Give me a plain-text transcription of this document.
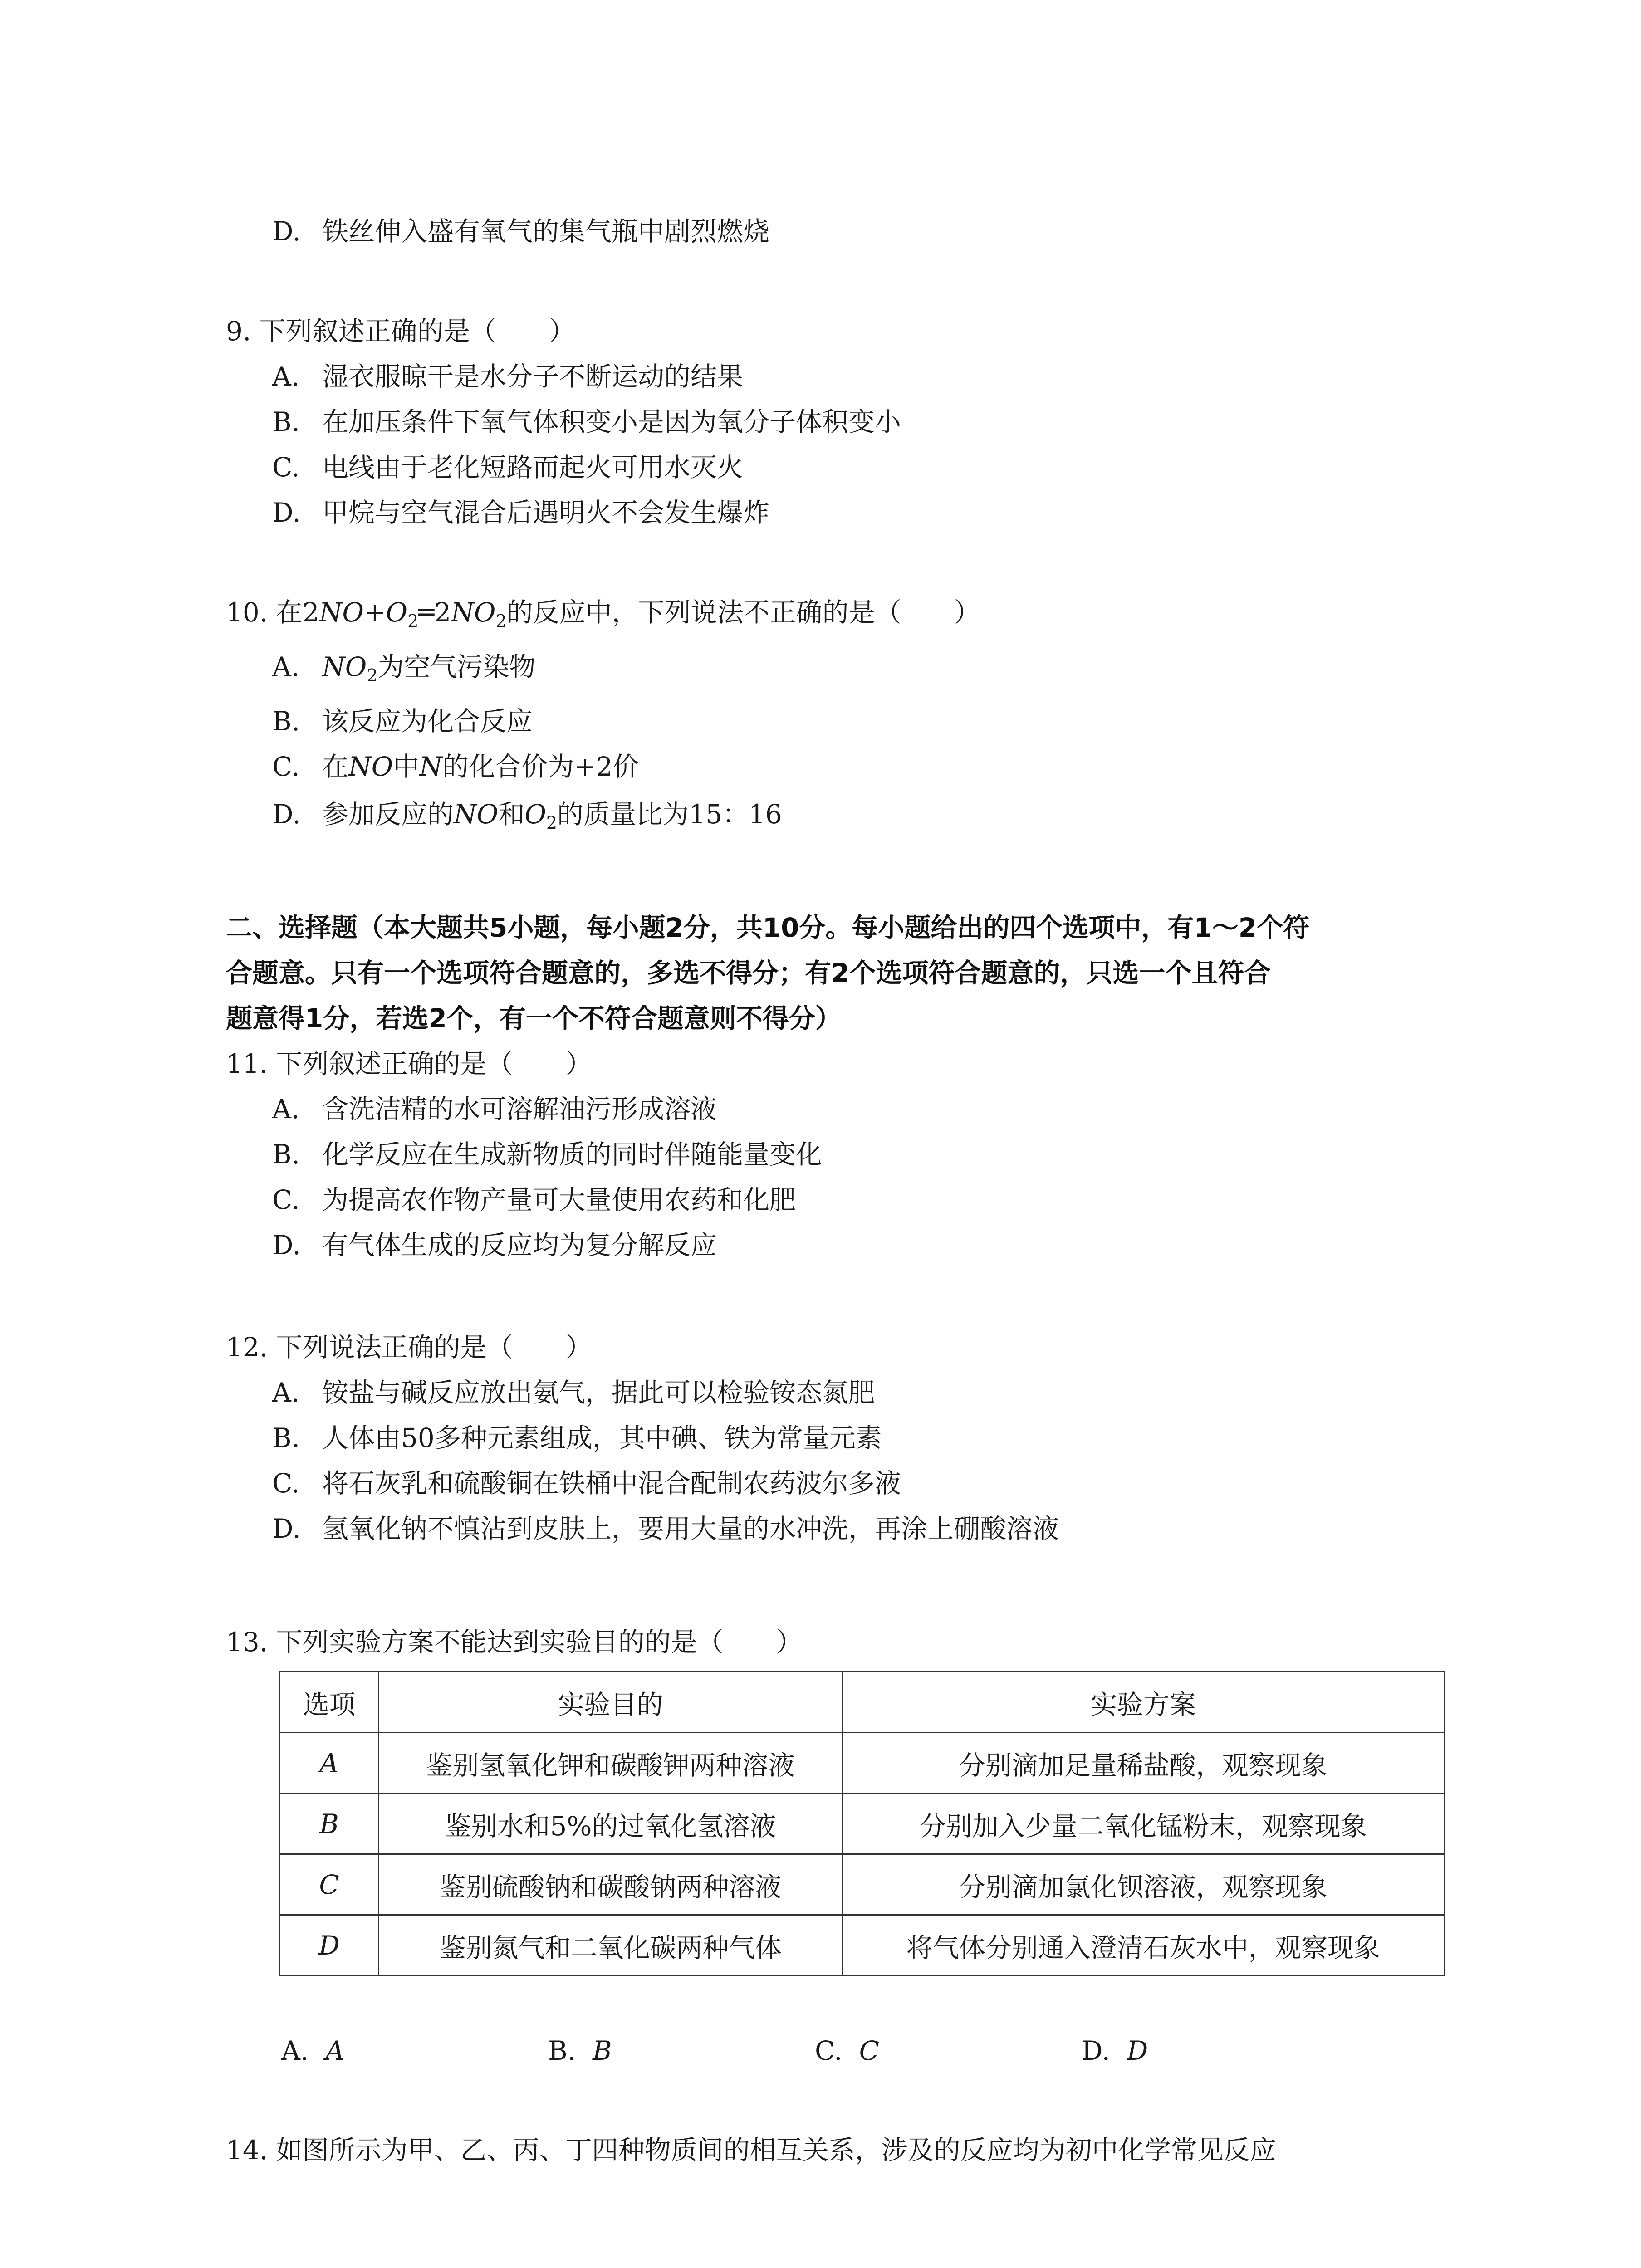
D. 铁丝伸入盛有氧气的集气瓶中剧烈燃烧
9. 下列叙述正确的是（　　）
A. 湿衣服晾干是水分子不断运动的结果
B. 在加压条件下氧气体积变小是因为氧分子体积变小
C. 电线由于老化短路而起火可用水灭火
D. 甲烷与空气混合后遇明火不会发生爆炸
10. 在$2NO+O_2═2NO_2$的反应中，下列说法不正确的是（　　）
A. $NO_2$为空气污染物
B. 该反应为化合反应
C. 在NO中N的化合价为+2价
D. 参加反应的NO和$O_2$的质量比为15：16
二、选择题（本大题共5小题，每小题2分，共10分。每小题给出的四个选项中，有1～2个符
合题意。只有一个选项符合题意的，多选不得分；有2个选项符合题意的，只选一个且符合
题意得1分，若选2个，有一个不符合题意则不得分）
11. 下列叙述正确的是（　　）
A. 含洗洁精的水可溶解油污形成溶液
B. 化学反应在生成新物质的同时伴随能量变化
C. 为提高农作物产量可大量使用农药和化肥
D. 有气体生成的反应均为复分解反应
12. 下列说法正确的是（　　）
A. 铵盐与碱反应放出氨气，据此可以检验铵态氮肥
B. 人体由50多种元素组成，其中碘、铁为常量元素
C. 将石灰乳和硫酸铜在铁桶中混合配制农药波尔多液
D. 氢氧化钠不慎沾到皮肤上，要用大量的水冲洗，再涂上硼酸溶液
13. 下列实验方案不能达到实验目的的是（　　）
选项	实验目的	实验方案
A	鉴别氢氧化钾和碳酸钾两种溶液	分别滴加足量稀盐酸，观察现象
B	鉴别水和5%的过氧化氢溶液	分别加入少量二氧化锰粉末，观察现象
C	鉴别硫酸钠和碳酸钠两种溶液	分别滴加氯化钡溶液，观察现象
D	鉴别氮气和二氧化碳两种气体	将气体分别通入澄清石灰水中，观察现象
A. A	B. B	C. C	D. D
14. 如图所示为甲、乙、丙、丁四种物质间的相互关系，涉及的反应均为初中化学常见反应
